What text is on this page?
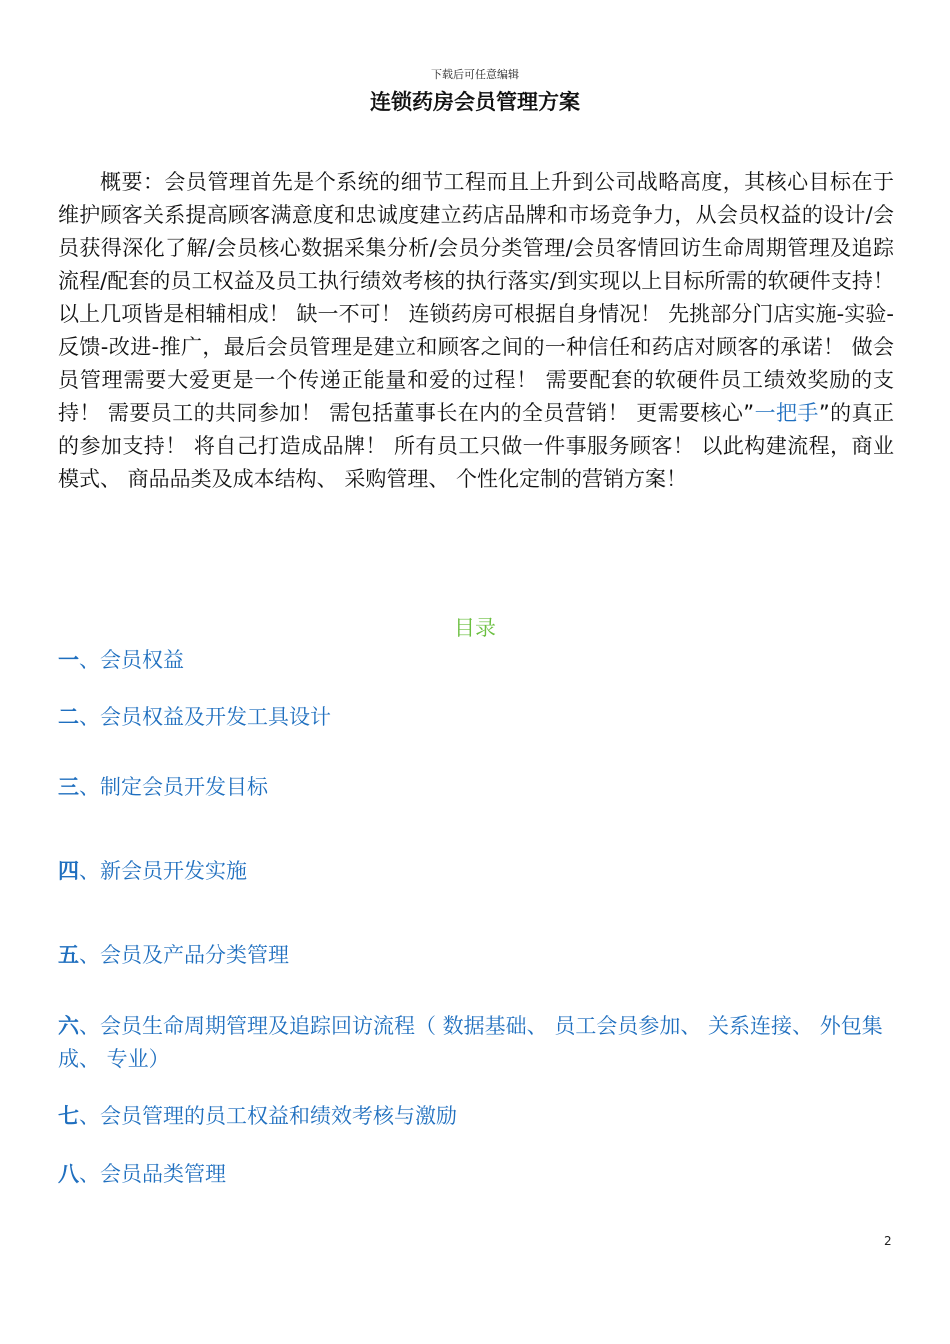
下载后可任意编辑
连锁药房会员管理方案

概要：会员管理首先是个系统的细节工程而且上升到公司战略高度，其核心目标在于维护顾客关系提高顾客满意度和忠诚度建立药店品牌和市场竞争力，从会员权益的设计/会员获得深化了解/会员核心数据采集分析/会员分类管理/会员客情回访生命周期管理及追踪流程/配套的员工权益及员工执行绩效考核的执行落实/到实现以上目标所需的软硬件支持！ 以上几项皆是相辅相成！ 缺一不可！ 连锁药房可根据自身情况！ 先挑部分门店实施-实验-反馈-改进-推广，最后会员管理是建立和顾客之间的一种信任和药店对顾客的承诺！ 做会员管理需要大爱更是一个传递正能量和爱的过程！ 需要配套的软硬件员工绩效奖励的支持！ 需要员工的共同参加！ 需包括董事长在内的全员营销！ 更需要核心”一把手”的真正的参加支持！ 将自己打造成品牌！ 所有员工只做一件事服务顾客！ 以此构建流程，商业模式、 商品品类及成本结构、 采购管理、 个性化定制的营销方案！

目录

一、会员权益

二、会员权益及开发工具设计

三、制定会员开发目标

四、新会员开发实施

五、会员及产品分类管理

六、会员生命周期管理及追踪回访流程（ 数据基础、 员工会员参加、 关系连接、 外包集成、 专业）

七、会员管理的员工权益和绩效考核与激励

八、会员品类管理

2
